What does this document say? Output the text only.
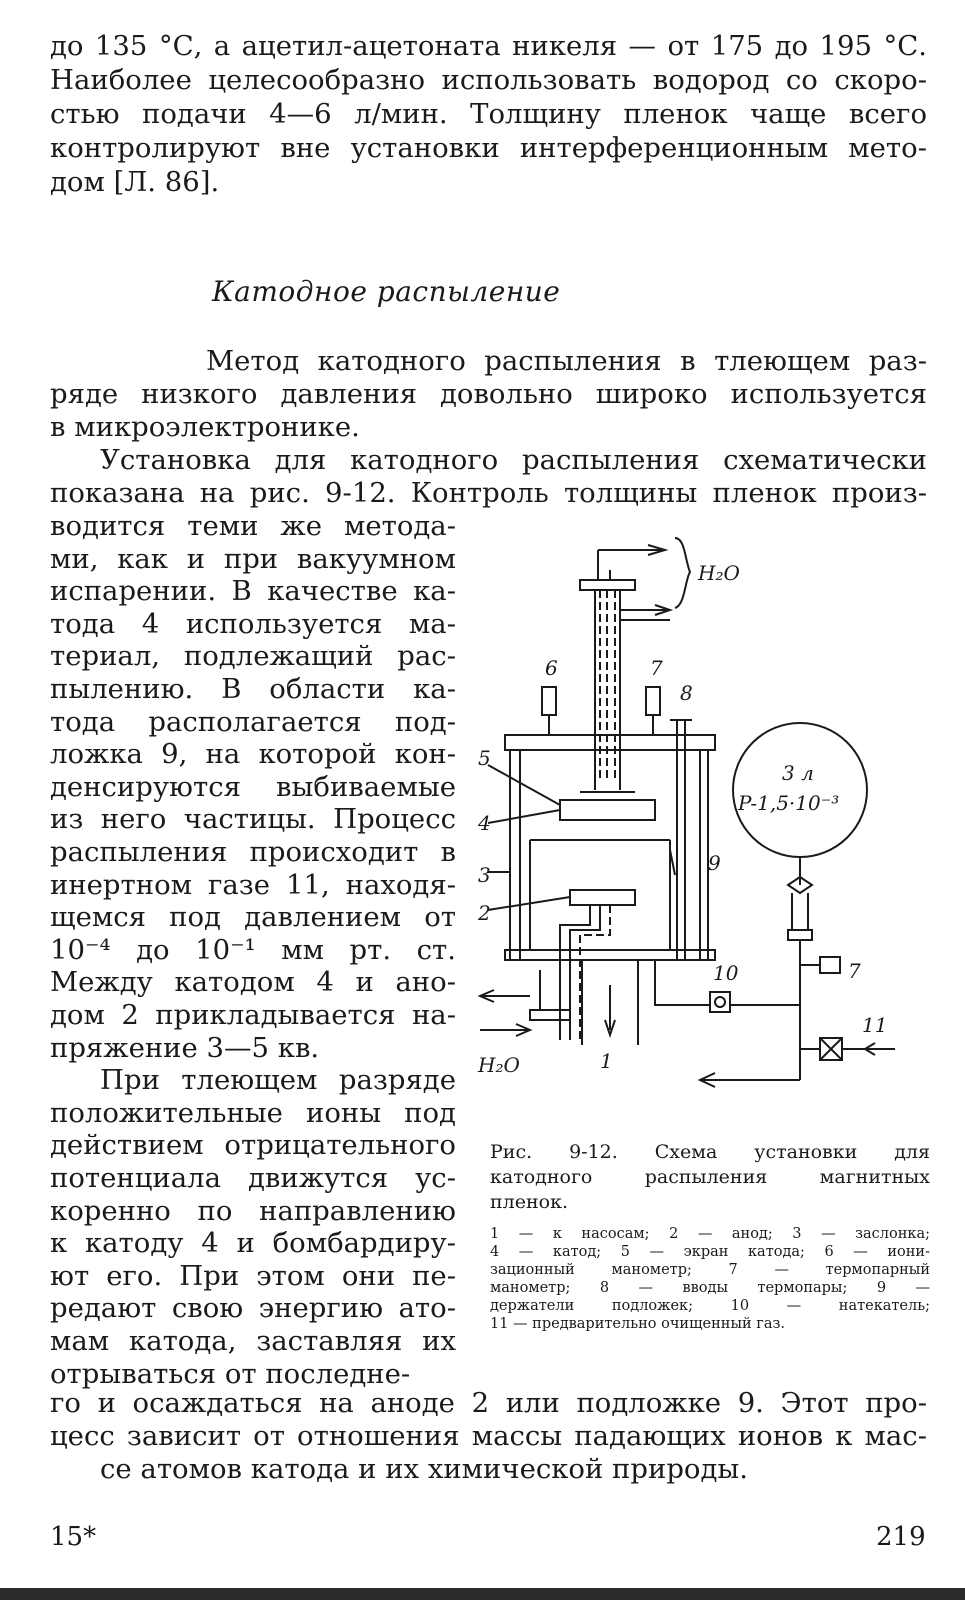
до 135 °С, а ацетил-ацетоната никеля — от 175 до 195 °С.
Наиболее целесообразно использовать водород со скоро-
стью подачи 4—6 л/мин. Толщину пленок чаще всего
контролируют вне установки интерференционным мето-
дом [Л. 86].
Катодное распыление
Метод катодного распыления в тлеющем раз-
ряде низкого давления довольно широко используется
в микроэлектронике.
Установка для катодного распыления схематически
показана на рис. 9-12. Контроль толщины пленок произ-
водится теми же метода-
ми, как и при вакуумном
испарении. В качестве ка-
тода 4 используется ма-
териал, подлежащий рас-
пылению. В области ка-
тода располагается под-
ложка 9, на которой кон-
денсируются выбиваемые
из него частицы. Процесс
распыления происходит в
инертном газе 11, находя-
щемся под давлением от
10⁻⁴ до 10⁻¹ мм рт. ст.
Между катодом 4 и ано-
дом 2 прикладывается на-
пряжение 3—5 кв.
При тлеющем разряде
положительные ионы под
действием отрицательного
потенциала движутся ус-
коренно по направлению
к катоду 4 и бомбардиру-
ют его. При этом они пе-
редают свою энергию ато-
мам катода, заставляя их
отрываться от последне-
H₂O
6	7
8
5
4
3
2
9
10	7
11
1
H₂O
3 л
P-1,5·10⁻³
Рис. 9-12. Схема установки для
катодного распыления магнитных
пленок.
1 — к насосам; 2 — анод; 3 — заслонка;
4 — катод; 5 — экран катода; 6 — иони-
зационный манометр; 7 — термопарный
манометр; 8 — вводы термопары; 9 —
держатели подложек; 10 — натекатель;
11 — предварительно очищенный газ.
го и осаждаться на аноде 2 или подложке 9. Этот про-
цесс зависит от отношения массы падающих ионов к мас-
се атомов катода и их химической природы.
15*	219
